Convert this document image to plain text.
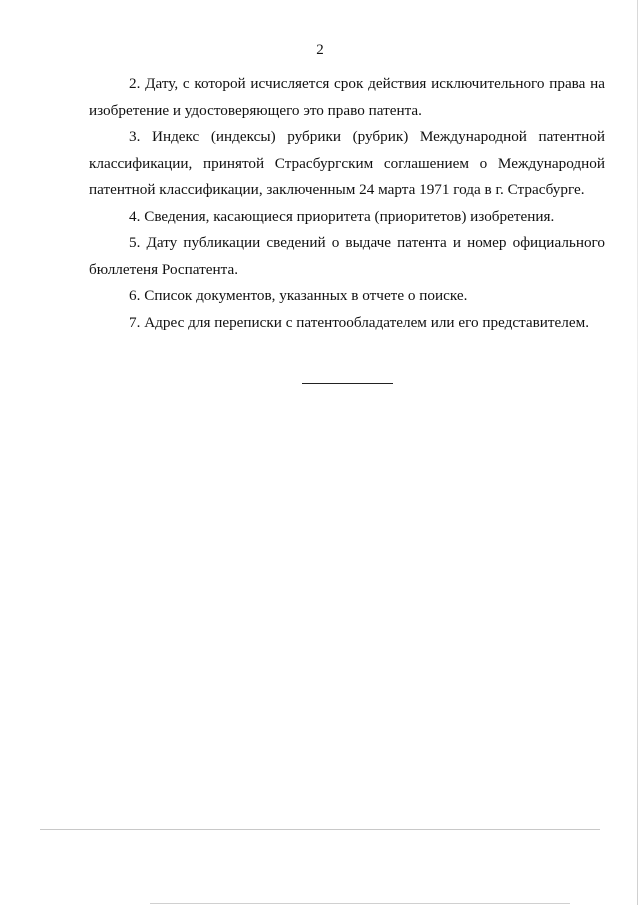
2

2. Дату, с которой исчисляется срок действия исключительного права на изобретение и удостоверяющего это право патента.

3. Индекс (индексы) рубрики (рубрик) Международной патентной классификации, принятой Страсбургским соглашением о Международной патентной классификации, заключенным 24 марта 1971 года в г. Страсбурге.

4. Сведения, касающиеся приоритета (приоритетов) изобретения.

5. Дату публикации сведений о выдаче патента и номер официального бюллетеня Роспатента.

6. Список документов, указанных в отчете о поиске.

7. Адрес для переписки с патентообладателем или его представителем.
